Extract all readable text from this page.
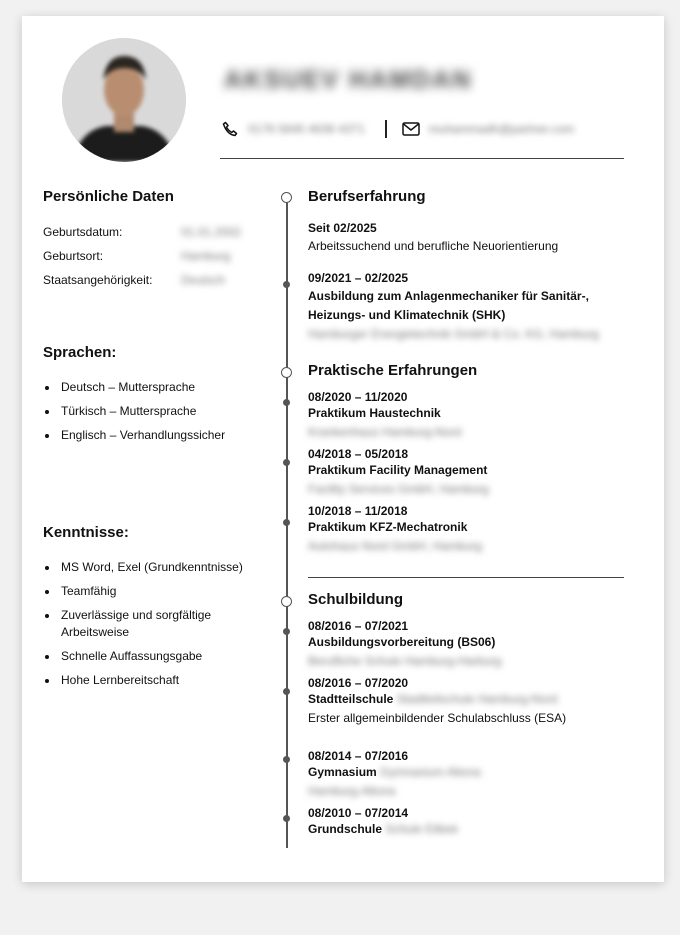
AKSUEV HAMDAN
0176 5645 4636 4371	muhammadh@partner.com
Persönliche Daten
Geburtsdatum:	01.01.2002
Geburtsort:	Hamburg
Staatsangehörigkeit:	Deutsch
Sprachen:
• Deutsch – Muttersprache
• Türkisch – Muttersprache
• Englisch – Verhandlungssicher
Kenntnisse:
• MS Word, Exel (Grundkenntnisse)
• Teamfähig
• Zuverlässige und sorgfältige Arbeitsweise
• Schnelle Auffassungsgabe
• Hohe Lernbereitschaft
Berufserfahrung
Seit 02/2025
Arbeitssuchend und berufliche Neuorientierung
09/2021 – 02/2025
Ausbildung zum Anlagenmechaniker für Sanitär-, Heizungs- und Klimatechnik (SHK)
Hamburger Energietechnik GmbH & Co. KG, Hamburg
Praktische Erfahrungen
08/2020 – 11/2020
Praktikum Haustechnik
Krankenhaus Hamburg-Nord
04/2018 – 05/2018
Praktikum Facility Management
Facility Services GmbH, Hamburg
10/2018 – 11/2018
Praktikum KFZ-Mechatronik
Autohaus Nord GmbH, Hamburg
Schulbildung
08/2016 – 07/2021
Ausbildungsvorbereitung (BS06)
Berufliche Schule Hamburg-Harburg
08/2016 – 07/2020
Stadtteilschule Stadtteilschule Hamburg-Nord
Erster allgemeinbildender Schulabschluss (ESA)
08/2014 – 07/2016
Gymnasium Gymnasium Altona
Hamburg-Altona
08/2010 – 07/2014
Grundschule Schule Eilbek
